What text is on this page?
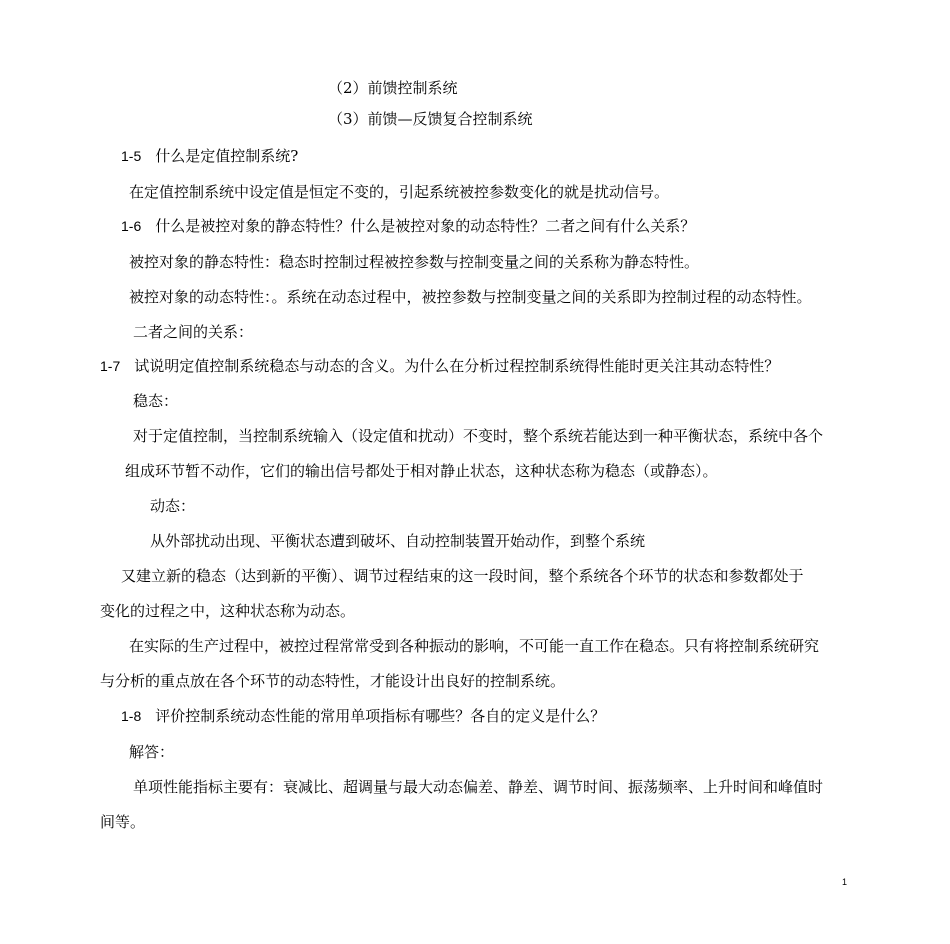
（2）前馈控制系统
（3）前馈—反馈复合控制系统
1-5 什么是定值控制系统?
在定值控制系统中设定值是恒定不变的，引起系统被控参数变化的就是扰动信号。
1-6 什么是被控对象的静态特性？什么是被控对象的动态特性？二者之间有什么关系？
被控对象的静态特性：稳态时控制过程被控参数与控制变量之间的关系称为静态特性。
被控对象的动态特性：。系统在动态过程中，被控参数与控制变量之间的关系即为控制过程的动态特性。
二者之间的关系：
1-7 试说明定值控制系统稳态与动态的含义。为什么在分析过程控制系统得性能时更关注其动态特性？
稳态：
对于定值控制，当控制系统输入（设定值和扰动）不变时，整个系统若能达到一种平衡状态，系统中各个
组成环节暂不动作，它们的输出信号都处于相对静止状态，这种状态称为稳态（或静态）。
动态：
从外部扰动出现、平衡状态遭到破坏、自动控制装置开始动作，到整个系统
又建立新的稳态（达到新的平衡）、调节过程结束的这一段时间，整个系统各个环节的状态和参数都处于
变化的过程之中，这种状态称为动态。
在实际的生产过程中，被控过程常常受到各种振动的影响，不可能一直工作在稳态。只有将控制系统研究
与分析的重点放在各个环节的动态特性，才能设计出良好的控制系统。
1-8 评价控制系统动态性能的常用单项指标有哪些？各自的定义是什么？
解答：
单项性能指标主要有：衰减比、超调量与最大动态偏差、静差、调节时间、振荡频率、上升时间和峰值时
间等。
1
